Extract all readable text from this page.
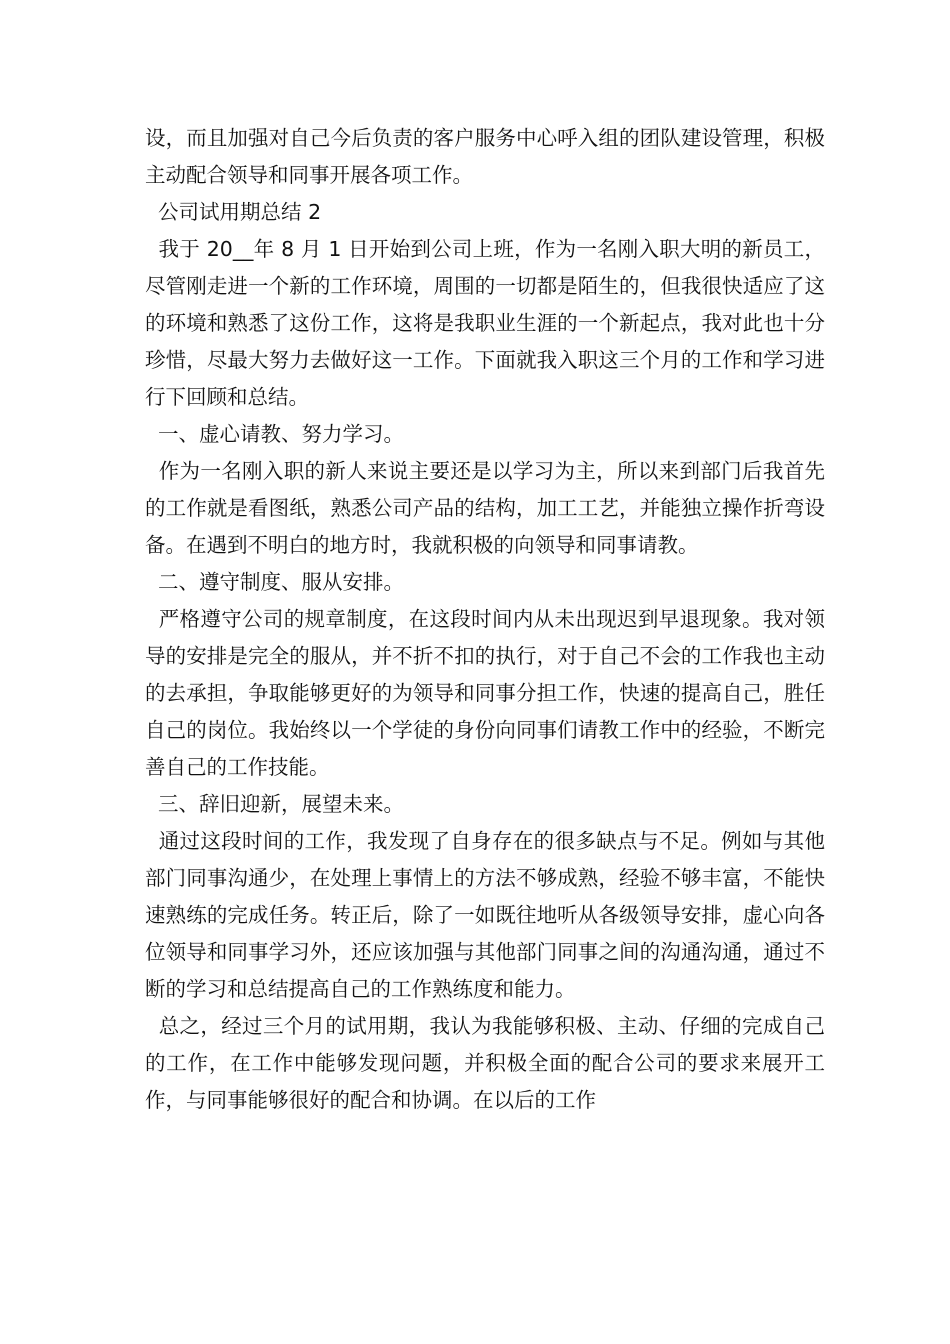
设，而且加强对自己今后负责的客户服务中心呼入组的团队建设管理，积极主动配合领导和同事开展各项工作。

公司试用期总结 2

我于 20__年 8 月 1 日开始到公司上班，作为一名刚入职大明的新员工，尽管刚走进一个新的工作环境，周围的一切都是陌生的，但我很快适应了这的环境和熟悉了这份工作，这将是我职业生涯的一个新起点，我对此也十分珍惜，尽最大努力去做好这一工作。下面就我入职这三个月的工作和学习进行下回顾和总结。

一、虚心请教、努力学习。

作为一名刚入职的新人来说主要还是以学习为主，所以来到部门后我首先的工作就是看图纸，熟悉公司产品的结构，加工工艺，并能独立操作折弯设备。在遇到不明白的地方时，我就积极的向领导和同事请教。

二、遵守制度、服从安排。

严格遵守公司的规章制度，在这段时间内从未出现迟到早退现象。我对领导的安排是完全的服从，并不折不扣的执行，对于自己不会的工作我也主动的去承担，争取能够更好的为领导和同事分担工作，快速的提高自己，胜任自己的岗位。我始终以一个学徒的身份向同事们请教工作中的经验，不断完善自己的工作技能。

三、辞旧迎新，展望未来。

通过这段时间的工作，我发现了自身存在的很多缺点与不足。例如与其他部门同事沟通少，在处理上事情上的方法不够成熟，经验不够丰富，不能快速熟练的完成任务。转正后，除了一如既往地听从各级领导安排，虚心向各位领导和同事学习外，还应该加强与其他部门同事之间的沟通沟通，通过不断的学习和总结提高自己的工作熟练度和能力。

总之，经过三个月的试用期，我认为我能够积极、主动、仔细的完成自己的工作，在工作中能够发现问题，并积极全面的配合公司的要求来展开工作，与同事能够很好的配合和协调。在以后的工作
